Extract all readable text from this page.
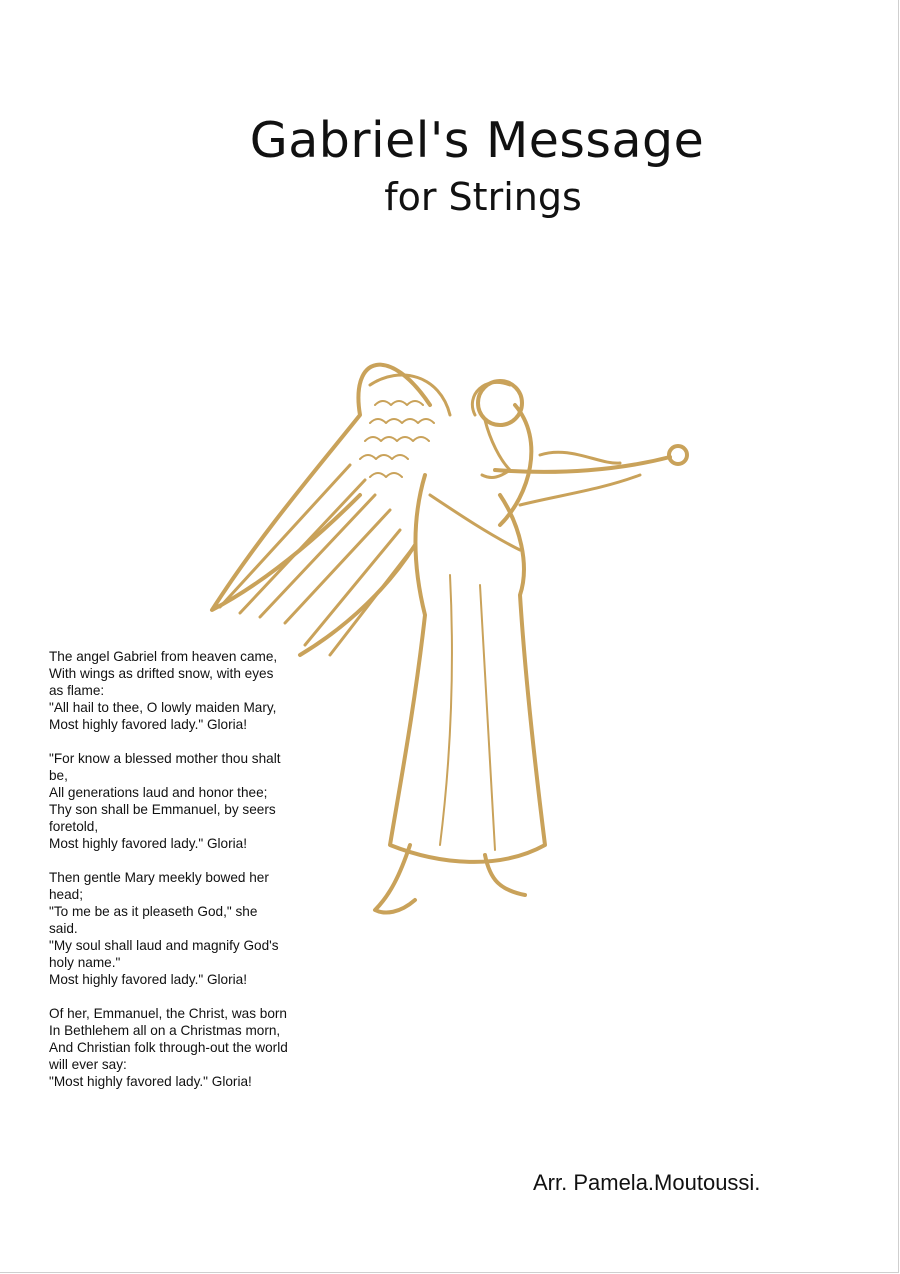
Gabriel's Message
for Strings
The angel Gabriel from heaven came,
With wings as drifted snow, with eyes as flame:
"All hail to thee, O lowly maiden Mary,
Most highly favored lady." Gloria!
"For know a blessed mother thou shalt be,
All generations laud and honor thee;
Thy son shall be Emmanuel, by seers foretold,
Most highly favored lady." Gloria!
Then gentle Mary meekly bowed her head;
"To me be as it pleaseth God," she said.
"My soul shall laud and magnify God's holy name."
Most highly favored lady." Gloria!
Of her, Emmanuel, the Christ, was born
In Bethlehem all on a Christmas morn,
And Christian folk through-out the world will ever say:
"Most highly favored lady." Gloria!
Arr. Pamela.Moutoussi.
